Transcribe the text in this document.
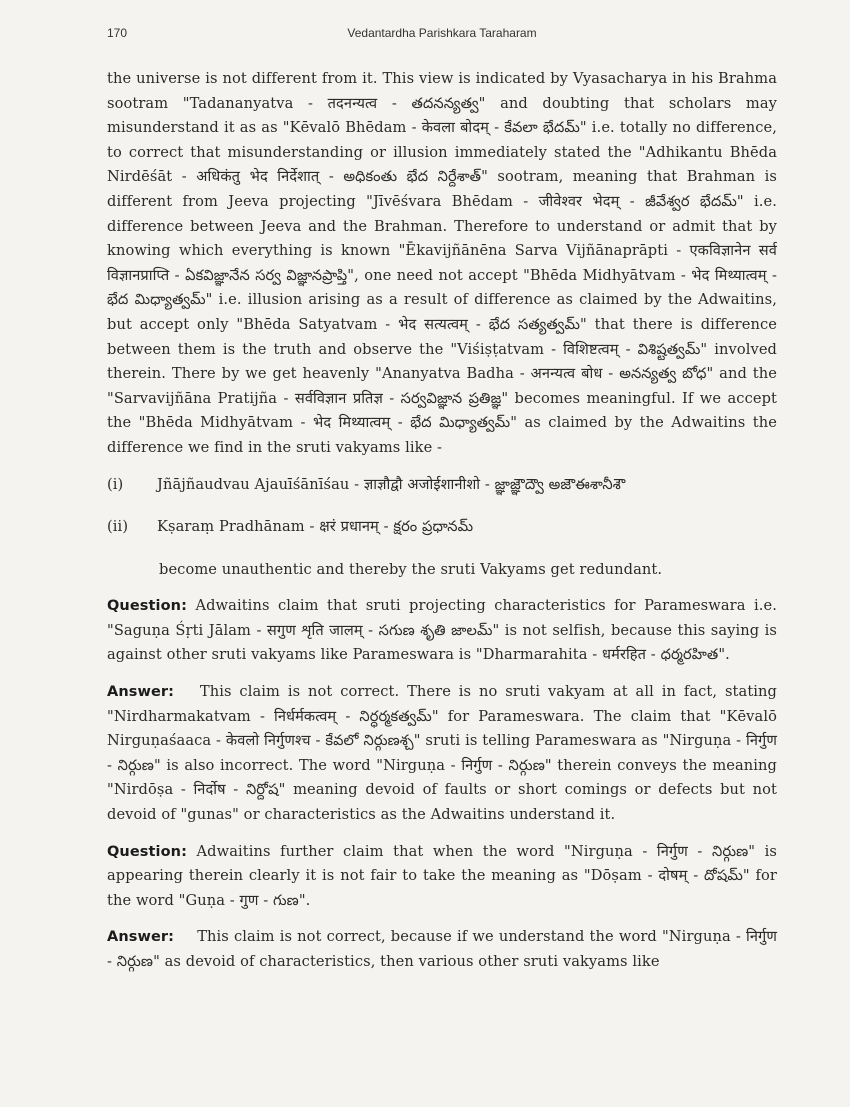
170	Vedantardha Parishkara Taraharam

the universe is not different from it. This view is indicated by Vyasacharya in his Brahma sootram "Tadananyatva - तदनन्यत्व - తదనన్యత్వ" and doubting that scholars may misunderstand it as as "Kēvalō Bhēdam - केवला बोदम् - కేవలా భేదమ్" i.e. totally no difference, to correct that misunderstanding or illusion immediately stated the "Adhikantu Bhēda Nirdēśāt - अधिकंतु भेद निर्देशात् - అధికంతు భేద నిర్దేశాత్" sootram, meaning that Brahman is different from Jeeva projecting "Jīvēśvara Bhēdam - जीवेश्वर भेदम् - జీవేశ్వర భేదమ్" i.e. difference between Jeeva and the Brahman. Therefore to understand or admit that by knowing which everything is known "Ēkavijñānēna Sarva Vijñānaprāpti - एकविज्ञानेन सर्व विज्ञानप्राप्ति - ఏకవిజ్ఞానేన సర్వ విజ్ఞానప్రాప్తి", one need not accept "Bhēda Midhyātvam - भेद मिथ्यात्वम् - భేద మిధ్యాత్వమ్" i.e. illusion arising as a result of difference as claimed by the Adwaitins, but accept only "Bhēda Satyatvam - भेद सत्यत्वम् - భేద సత్యత్వమ్" that there is difference between them is the truth and observe the "Viśiṣṭatvam - विशिष्टत्वम् - విశిష్టత్వమ్" involved therein. There by we get heavenly "Ananyatva Badha - अनन्यत्व बोध - అనన్యత్వ బోధ" and the "Sarvavijñāna Pratijña - सर्वविज्ञान प्रतिज्ञ - సర్వవిజ్ఞాన ప్రతిజ్ఞ" becomes meaningful. If we accept the "Bhēda Midhyātvam - भेद मिथ्यात्वम् - భేద మిధ్యాత్వమ్" as claimed by the Adwaitins the difference we find in the sruti vakyams like -

(i)	Jñājñaudvau Ajauīśānīśau - ज्ञाज्ञौद्वौ अजोईशानीशो - జ్ఞాజ్ఞౌద్వౌ అజౌఈశానీశౌ
(ii)	Kṣaraṃ Pradhānam - क्षरं प्रधानम् - క్షరం ప్రధానమ్

become unauthentic and thereby the sruti Vakyams get redundant.

Question: Adwaitins claim that sruti projecting characteristics for Parameswara i.e. "Saguṇa Śṛti Jālam - सगुण शृति जालम् - సగుణ శృతి జాలమ్" is not selfish, because this saying is against other sruti vakyams like Parameswara is "Dharmarahita - धर्मरहित - ధర్మరహిత".

Answer: This claim is not correct. There is no sruti vakyam at all in fact, stating "Nirdharmakatvam - निर्धर्मकत्वम् - నిర్ధర్మకత్వమ్" for Parameswara. The claim that "Kēvalō Nirguṇaśaaca - केवलो निर्गुणश्च - కేవలో నిర్గుణశ్చ" sruti is telling Parameswara as "Nirguṇa - निर्गुण - నిర్గుణ" is also incorrect. The word "Nirguṇa - निर्गुण - నిర్గుణ" therein conveys the meaning "Nirdōṣa - निर्दोष - నిర్దోష" meaning devoid of faults or short comings or defects but not devoid of "gunas" or characteristics as the Adwaitins understand it.

Question: Adwaitins further claim that when the word "Nirguṇa - निर्गुण - నిర్గుణ" is appearing therein clearly it is not fair to take the meaning as "Dōṣam - दोषम् - దోషమ్" for the word "Guṇa - गुण - గుణ".

Answer: This claim is not correct, because if we understand the word "Nirguṇa - निर्गुण - నిర్గుణ" as devoid of characteristics, then various other sruti vakyams like
